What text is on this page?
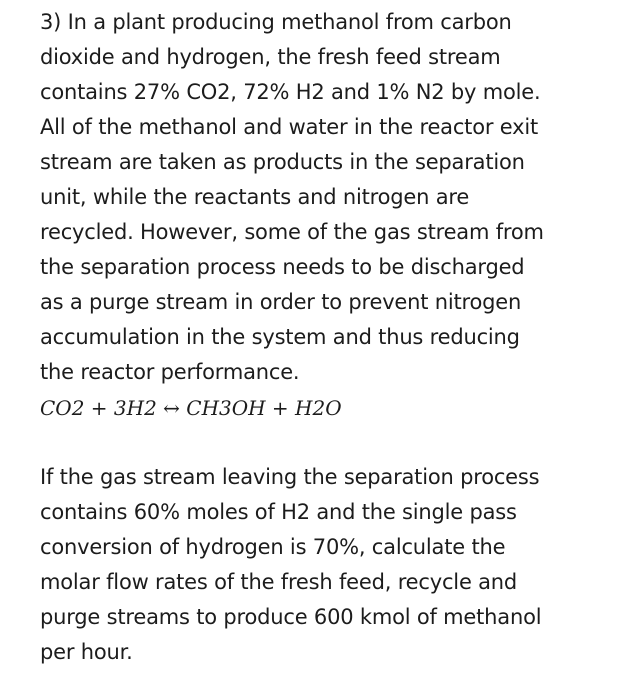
3) In a plant producing methanol from carbon
dioxide and hydrogen, the fresh feed stream
contains 27% CO2, 72% H2 and 1% N2 by mole.
All of the methanol and water in the reactor exit
stream are taken as products in the separation
unit, while the reactants and nitrogen are
recycled. However, some of the gas stream from
the separation process needs to be discharged
as a purge stream in order to prevent nitrogen
accumulation in the system and thus reducing
the reactor performance.
CO2 + 3H2 ↔ CH3OH + H2O
If the gas stream leaving the separation process
contains 60% moles of H2 and the single pass
conversion of hydrogen is 70%, calculate the
molar flow rates of the fresh feed, recycle and
purge streams to produce 600 kmol of methanol
per hour.
